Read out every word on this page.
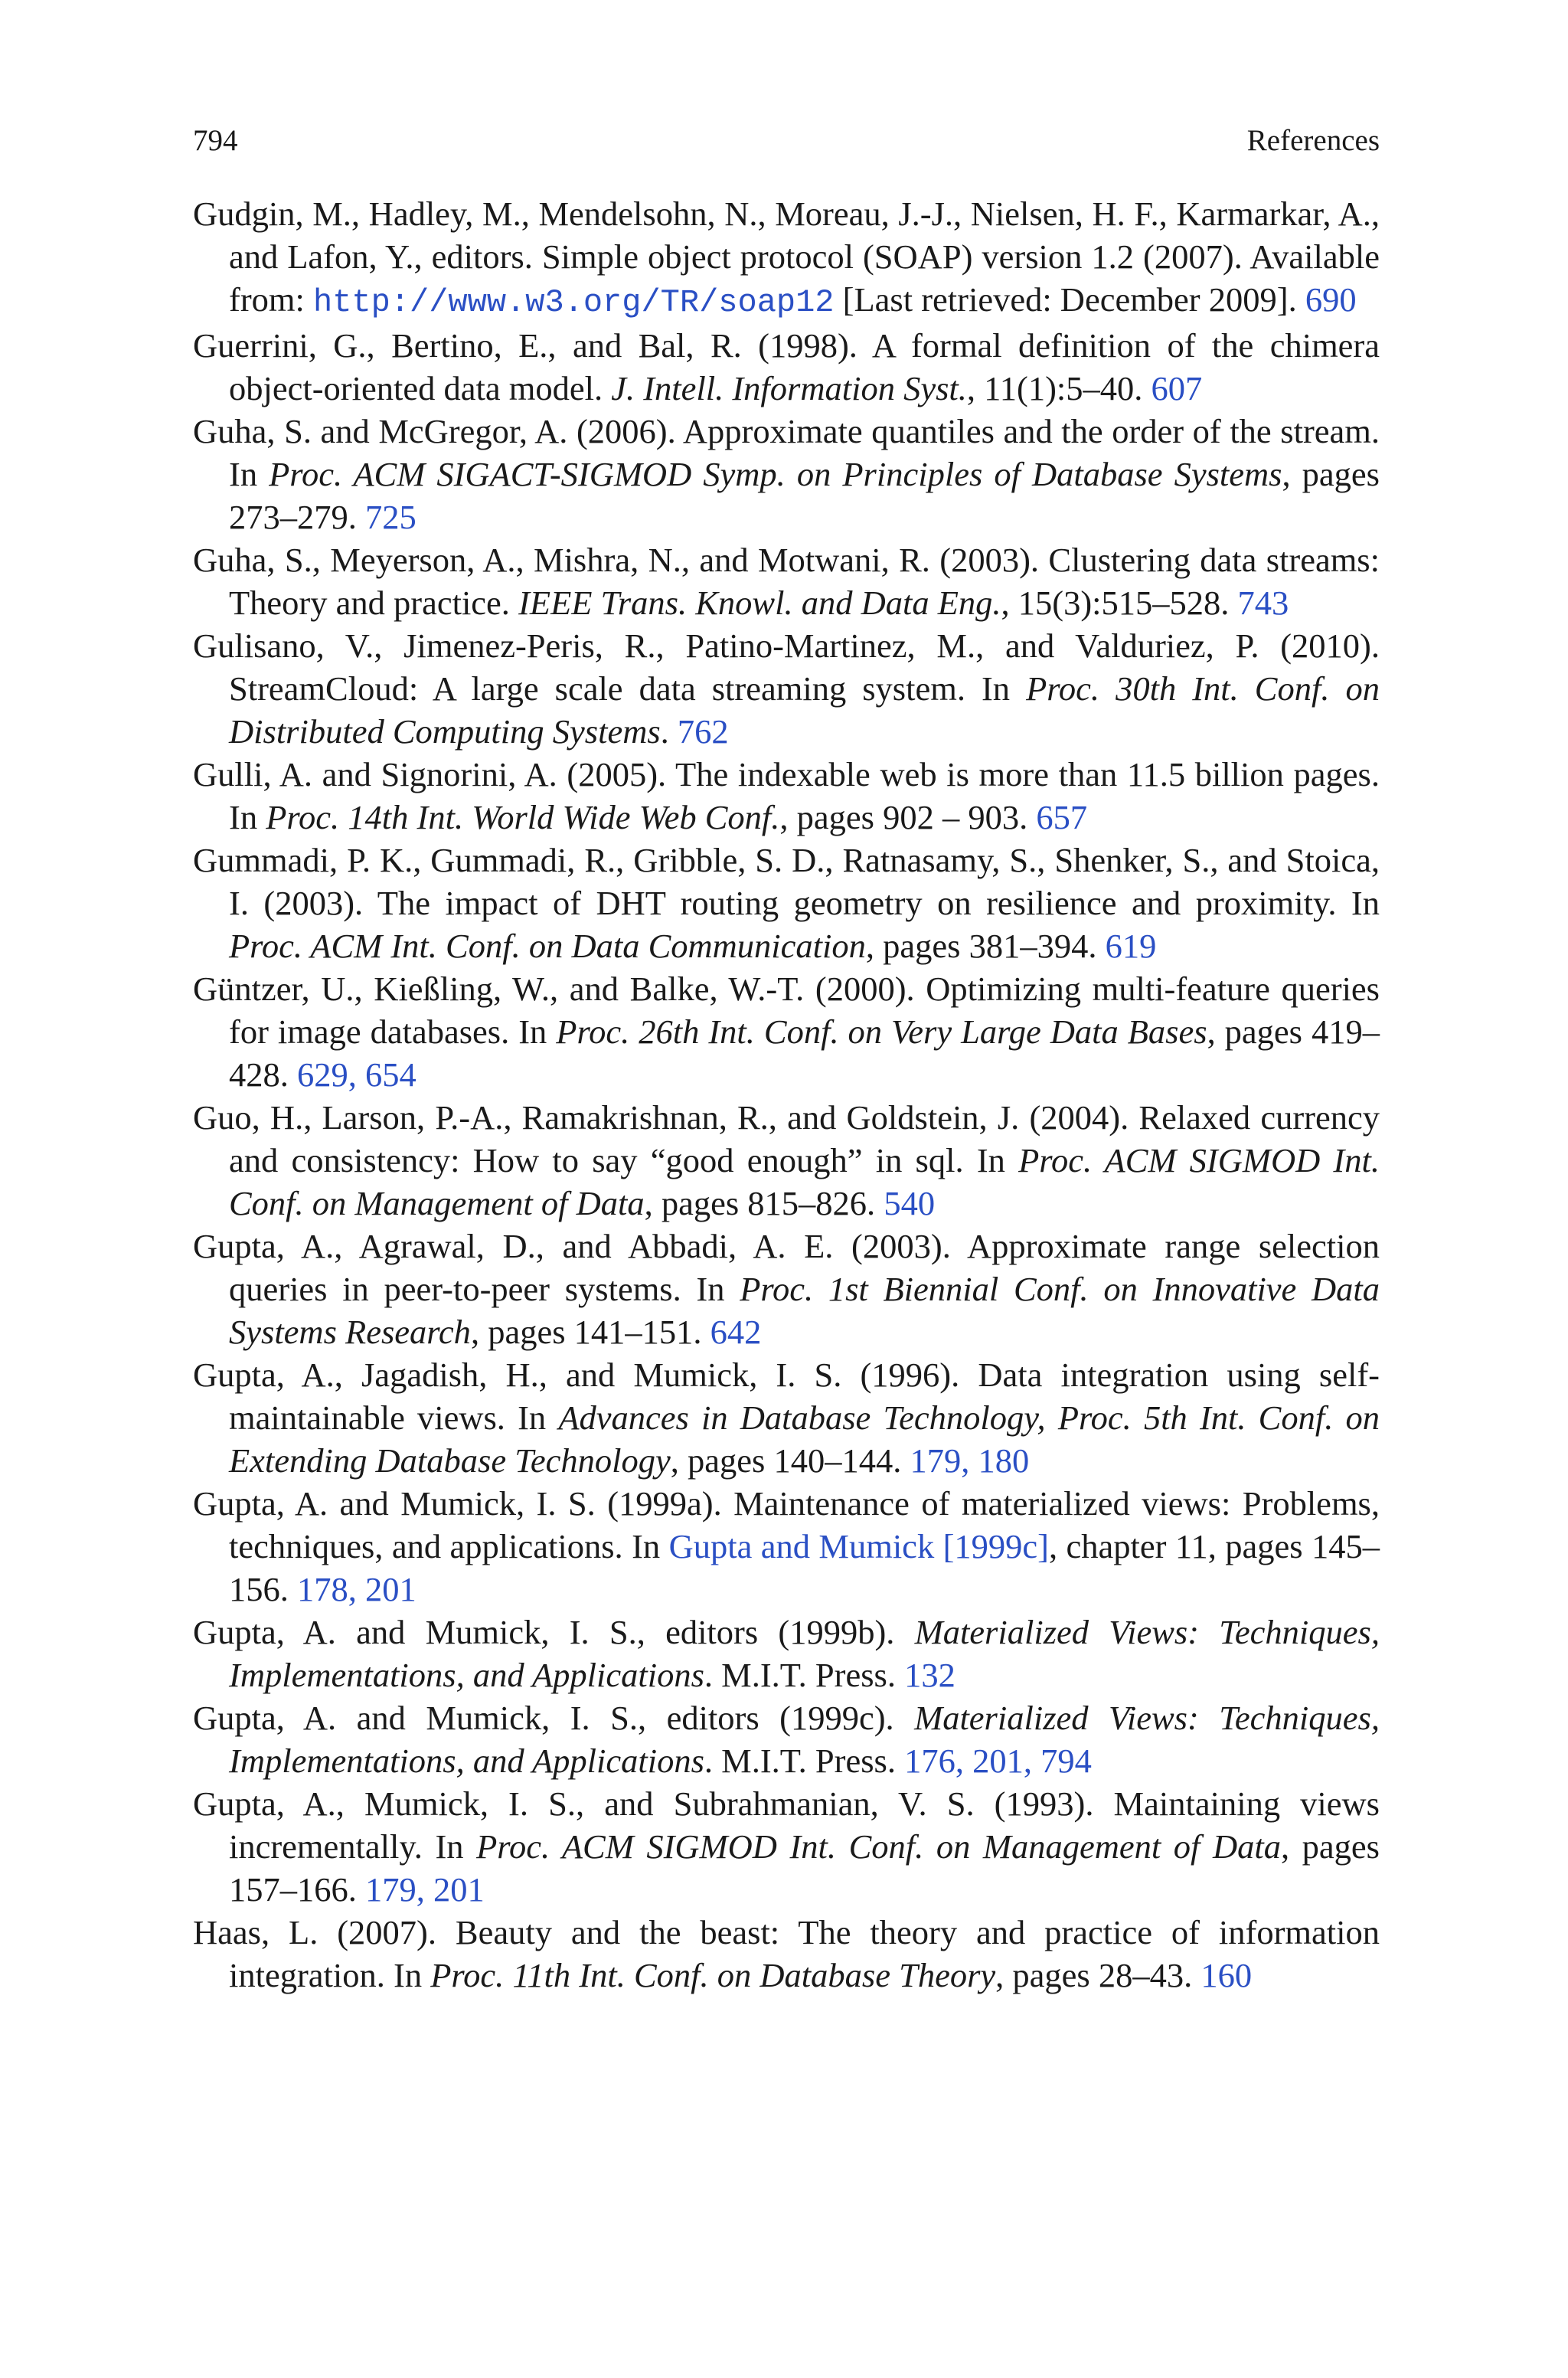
794	References

Gudgin, M., Hadley, M., Mendelsohn, N., Moreau, J.-J., Nielsen, H. F., Karmarkar, A., and Lafon, Y., editors. Simple object protocol (SOAP) version 1.2 (2007). Available from: http://www.w3.org/TR/soap12 [Last retrieved: December 2009]. 690

Guerrini, G., Bertino, E., and Bal, R. (1998). A formal definition of the chimera object-oriented data model. J. Intell. Information Syst., 11(1):5–40. 607

Guha, S. and McGregor, A. (2006). Approximate quantiles and the order of the stream. In Proc. ACM SIGACT-SIGMOD Symp. on Principles of Database Systems, pages 273–279. 725

Guha, S., Meyerson, A., Mishra, N., and Motwani, R. (2003). Clustering data streams: Theory and practice. IEEE Trans. Knowl. and Data Eng., 15(3):515–528. 743

Gulisano, V., Jimenez-Peris, R., Patino-Martinez, M., and Valduriez, P. (2010). StreamCloud: A large scale data streaming system. In Proc. 30th Int. Conf. on Distributed Computing Systems. 762

Gulli, A. and Signorini, A. (2005). The indexable web is more than 11.5 billion pages. In Proc. 14th Int. World Wide Web Conf., pages 902 – 903. 657

Gummadi, P. K., Gummadi, R., Gribble, S. D., Ratnasamy, S., Shenker, S., and Stoica, I. (2003). The impact of DHT routing geometry on resilience and proximity. In Proc. ACM Int. Conf. on Data Communication, pages 381–394. 619

Güntzer, U., Kießling, W., and Balke, W.-T. (2000). Optimizing multi-feature queries for image databases. In Proc. 26th Int. Conf. on Very Large Data Bases, pages 419–428. 629, 654

Guo, H., Larson, P.-A., Ramakrishnan, R., and Goldstein, J. (2004). Relaxed currency and consistency: How to say “good enough” in sql. In Proc. ACM SIGMOD Int. Conf. on Management of Data, pages 815–826. 540

Gupta, A., Agrawal, D., and Abbadi, A. E. (2003). Approximate range selection queries in peer-to-peer systems. In Proc. 1st Biennial Conf. on Innovative Data Systems Research, pages 141–151. 642

Gupta, A., Jagadish, H., and Mumick, I. S. (1996). Data integration using self-maintainable views. In Advances in Database Technology, Proc. 5th Int. Conf. on Extending Database Technology, pages 140–144. 179, 180

Gupta, A. and Mumick, I. S. (1999a). Maintenance of materialized views: Problems, techniques, and applications. In Gupta and Mumick [1999c], chapter 11, pages 145–156. 178, 201

Gupta, A. and Mumick, I. S., editors (1999b). Materialized Views: Techniques, Implementations, and Applications. M.I.T. Press. 132

Gupta, A. and Mumick, I. S., editors (1999c). Materialized Views: Techniques, Implementations, and Applications. M.I.T. Press. 176, 201, 794

Gupta, A., Mumick, I. S., and Subrahmanian, V. S. (1993). Maintaining views incrementally. In Proc. ACM SIGMOD Int. Conf. on Management of Data, pages 157–166. 179, 201

Haas, L. (2007). Beauty and the beast: The theory and practice of information integration. In Proc. 11th Int. Conf. on Database Theory, pages 28–43. 160
